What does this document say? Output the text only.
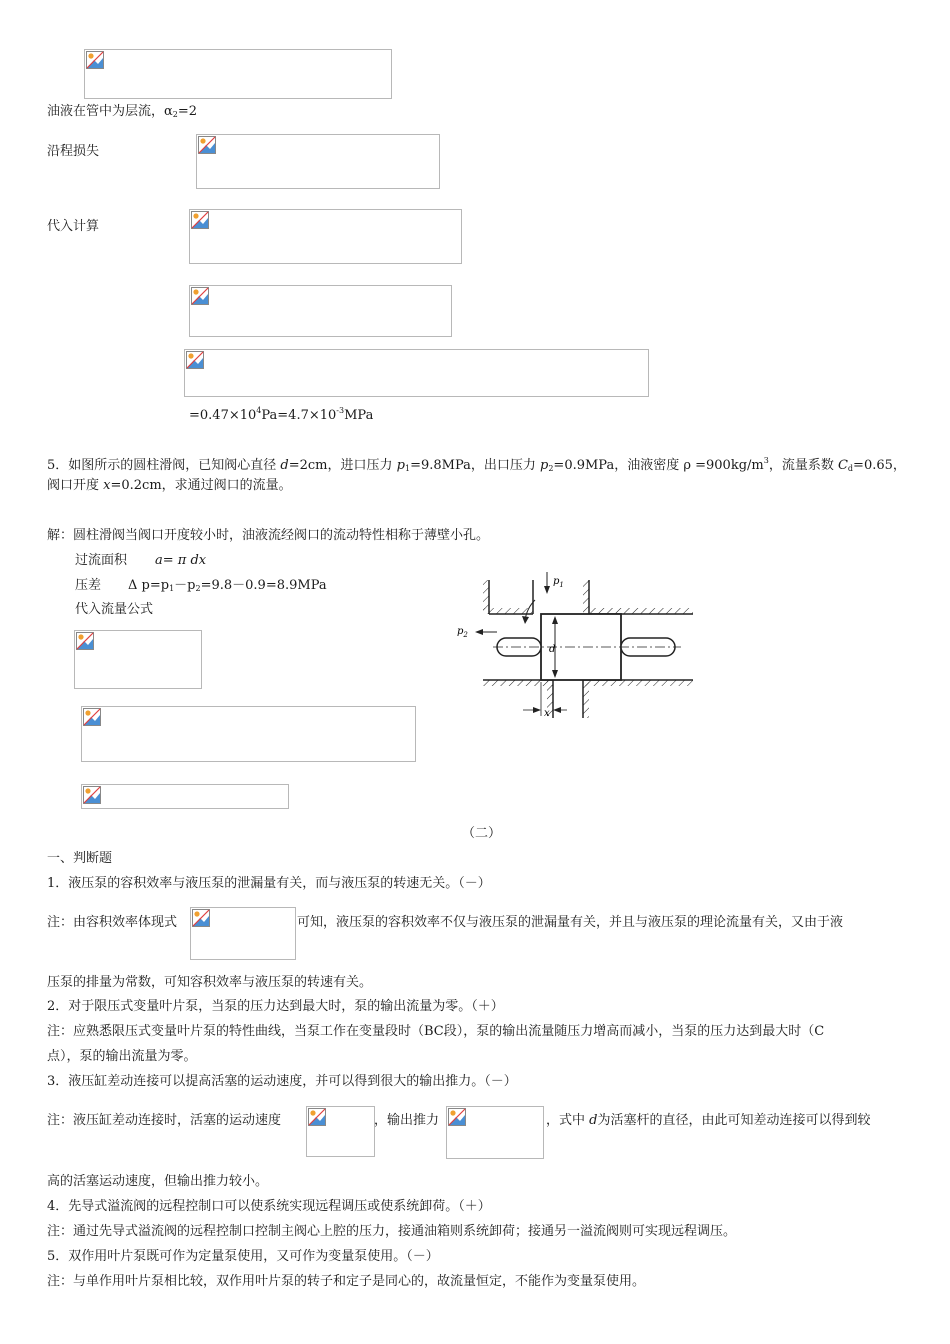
油液在管中为层流，$\alpha_2=2$
沿程损失
代入计算
$=0.47\times 10^4Pa=4.7\times 10^{-3}MPa$
5．如图所示的圆柱滑阀，已知阀心直径 d=2cm，进口压力 $p_1=9.8MPa$，出口压力 $p_2=0.9MPa$，油液密度 $\rho =900kg/m^3$，流量系数 $C_d=0.65$，
阀口开度 x=0.2cm，求通过阀口的流量。
解：圆柱滑阀当阀口开度较小时，油液流经阀口的流动特性相称于薄壁小孔。
过流面积 a= π dx
压差 Δ $p=p_1-p_2=9.8-0.9=8.9MPa$
代入流量公式
d
$p_1$
$p_2$
x
（二）
一、判断题
1．液压泵的容积效率与液压泵的泄漏量有关，而与液压泵的转速无关。（－）
注：由容积效率体现式	可知，液压泵的容积效率不仅与液压泵的泄漏量有关，并且与液压泵的理论流量有关，又由于液
压泵的排量为常数，可知容积效率与液压泵的转速有关。
2．对于限压式变量叶片泵，当泵的压力达到最大时，泵的输出流量为零。（＋）
注：应熟悉限压式变量叶片泵的特性曲线，当泵工作在变量段时（BC段），泵的输出流量随压力增高而减小，当泵的压力达到最大时（C
点），泵的输出流量为零。
3．液压缸差动连接可以提高活塞的运动速度，并可以得到很大的输出推力。（－）
注：液压缸差动连接时，活塞的运动速度	，输出推力	，式中 d为活塞杆的直径，由此可知差动连接可以得到较
高的活塞运动速度，但输出推力较小。
4．先导式溢流阀的远程控制口可以使系统实现远程调压或使系统卸荷。（＋）
注：通过先导式溢流阀的远程控制口控制主阀心上腔的压力，接通油箱则系统卸荷；接通另一溢流阀则可实现远程调压。
5．双作用叶片泵既可作为定量泵使用，又可作为变量泵使用。（－）
注：与单作用叶片泵相比较，双作用叶片泵的转子和定子是同心的，故流量恒定，不能作为变量泵使用。
